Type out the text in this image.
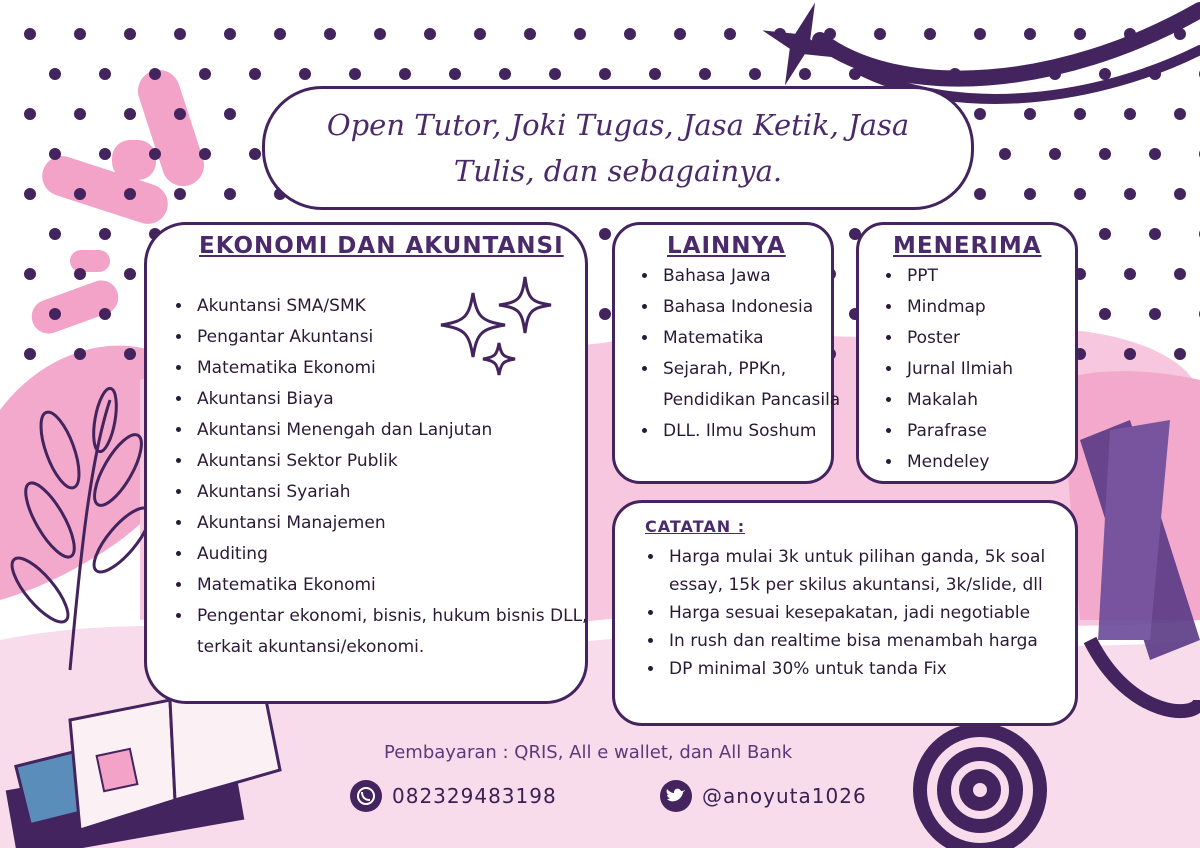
Open Tutor, Joki Tugas, Jasa Ketik, Jasa Tulis, dan sebagainya.
EKONOMI DAN AKUNTANSI
• Akuntansi SMA/SMK
• Pengantar Akuntansi
• Matematika Ekonomi
• Akuntansi Biaya
• Akuntansi Menengah dan Lanjutan
• Akuntansi Sektor Publik
• Akuntansi Syariah
• Akuntansi Manajemen
• Auditing
• Matematika Ekonomi
• Pengentar ekonomi, bisnis, hukum bisnis DLL, terkait akuntansi/ekonomi.
LAINNYA
• Bahasa Jawa
• Bahasa Indonesia
• Matematika
• Sejarah, PPKn, Pendidikan Pancasila
• DLL. Ilmu Soshum
MENERIMA
• PPT
• Mindmap
• Poster
• Jurnal Ilmiah
• Makalah
• Parafrase
• Mendeley
CATATAN :
• Harga mulai 3k untuk pilihan ganda, 5k soal essay, 15k per skilus akuntansi, 3k/slide, dll
• Harga sesuai kesepakatan, jadi negotiable
• In rush dan realtime bisa menambah harga
• DP minimal 30% untuk tanda Fix
Pembayaran : QRIS, All e wallet, dan All Bank
082329483198	@anoyuta1026
